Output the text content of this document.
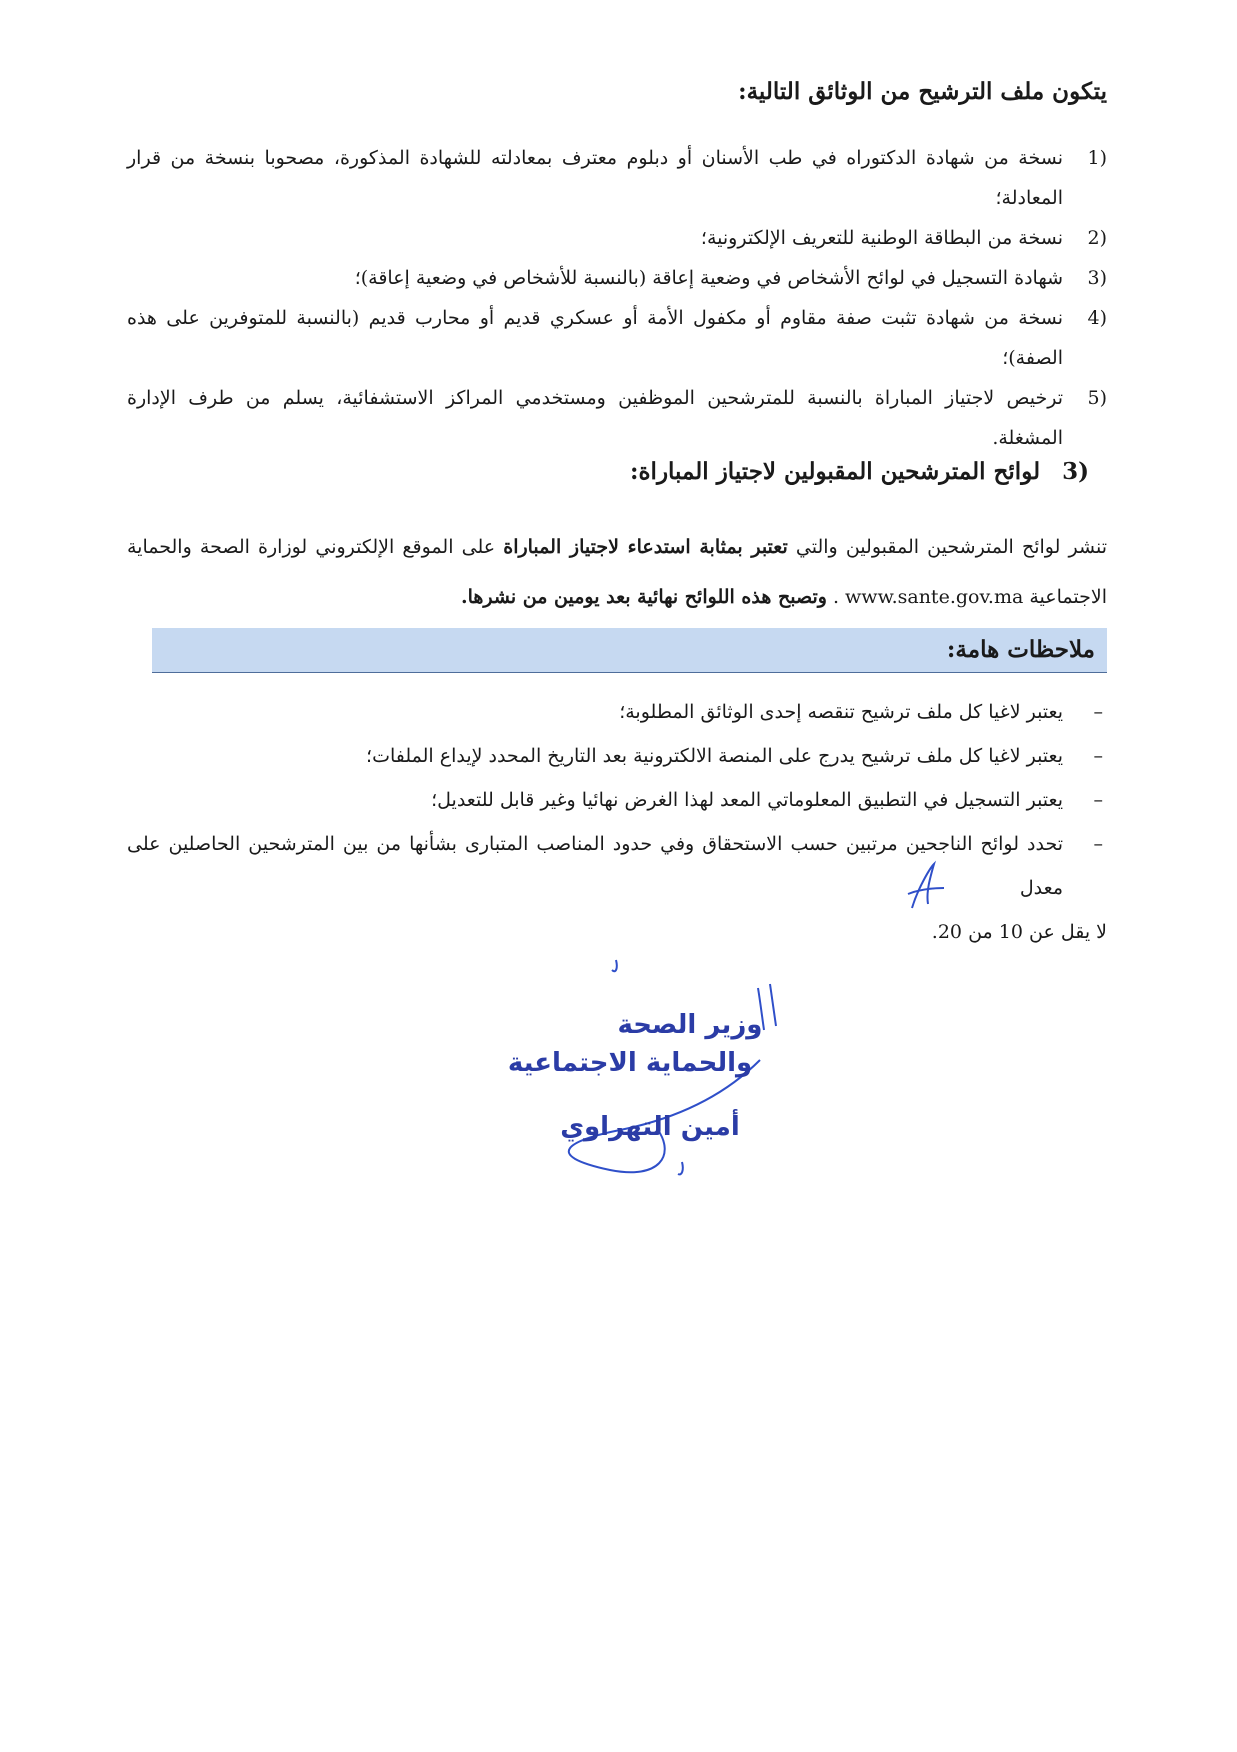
يتكون ملف الترشيح من الوثائق التالية:
1)
نسخة من شهادة الدكتوراه في طب الأسنان أو دبلوم معترف بمعادلته للشهادة المذكورة، مصحوبا بنسخة من قرار المعادلة؛
2)
نسخة من البطاقة الوطنية للتعريف الإلكترونية؛
3)
شهادة التسجيل في لوائح الأشخاص في وضعية إعاقة (بالنسبة للأشخاص في وضعية إعاقة)؛
4)
نسخة من شهادة تثبت صفة مقاوم أو مكفول الأمة أو عسكري قديم أو محارب قديم (بالنسبة للمتوفرين على هذه الصفة)؛
5)
ترخيص لاجتياز المباراة بالنسبة للمترشحين الموظفين ومستخدمي المراكز الاستشفائية، يسلم من طرف الإدارة المشغلة.
3) لوائح المترشحين المقبولين لاجتياز المباراة:

تنشر لوائح المترشحين المقبولين والتي تعتبر بمثابة استدعاء لاجتياز المباراة على الموقع الإلكتروني لوزارة الصحة والحماية الاجتماعية www.sante.gov.ma . وتصبح هذه اللوائح نهائية بعد يومين من نشرها.

ملاحظات هامة:
–
يعتبر لاغيا كل ملف ترشيح تنقصه إحدى الوثائق المطلوبة؛
–
يعتبر لاغيا كل ملف ترشيح يدرج على المنصة الالكترونية بعد التاريخ المحدد لإيداع الملفات؛
–
يعتبر التسجيل في التطبيق المعلوماتي المعد لهذا الغرض نهائيا وغير قابل للتعديل؛
–
تحدد لوائح الناجحين مرتبين حسب الاستحقاق وفي حدود المناصب المتبارى بشأنها من بين المترشحين الحاصلين على معدل
لا يقل عن 10 من 20.
وزير الصحة
والحماية الاجتماعية
أمين التهراوي
